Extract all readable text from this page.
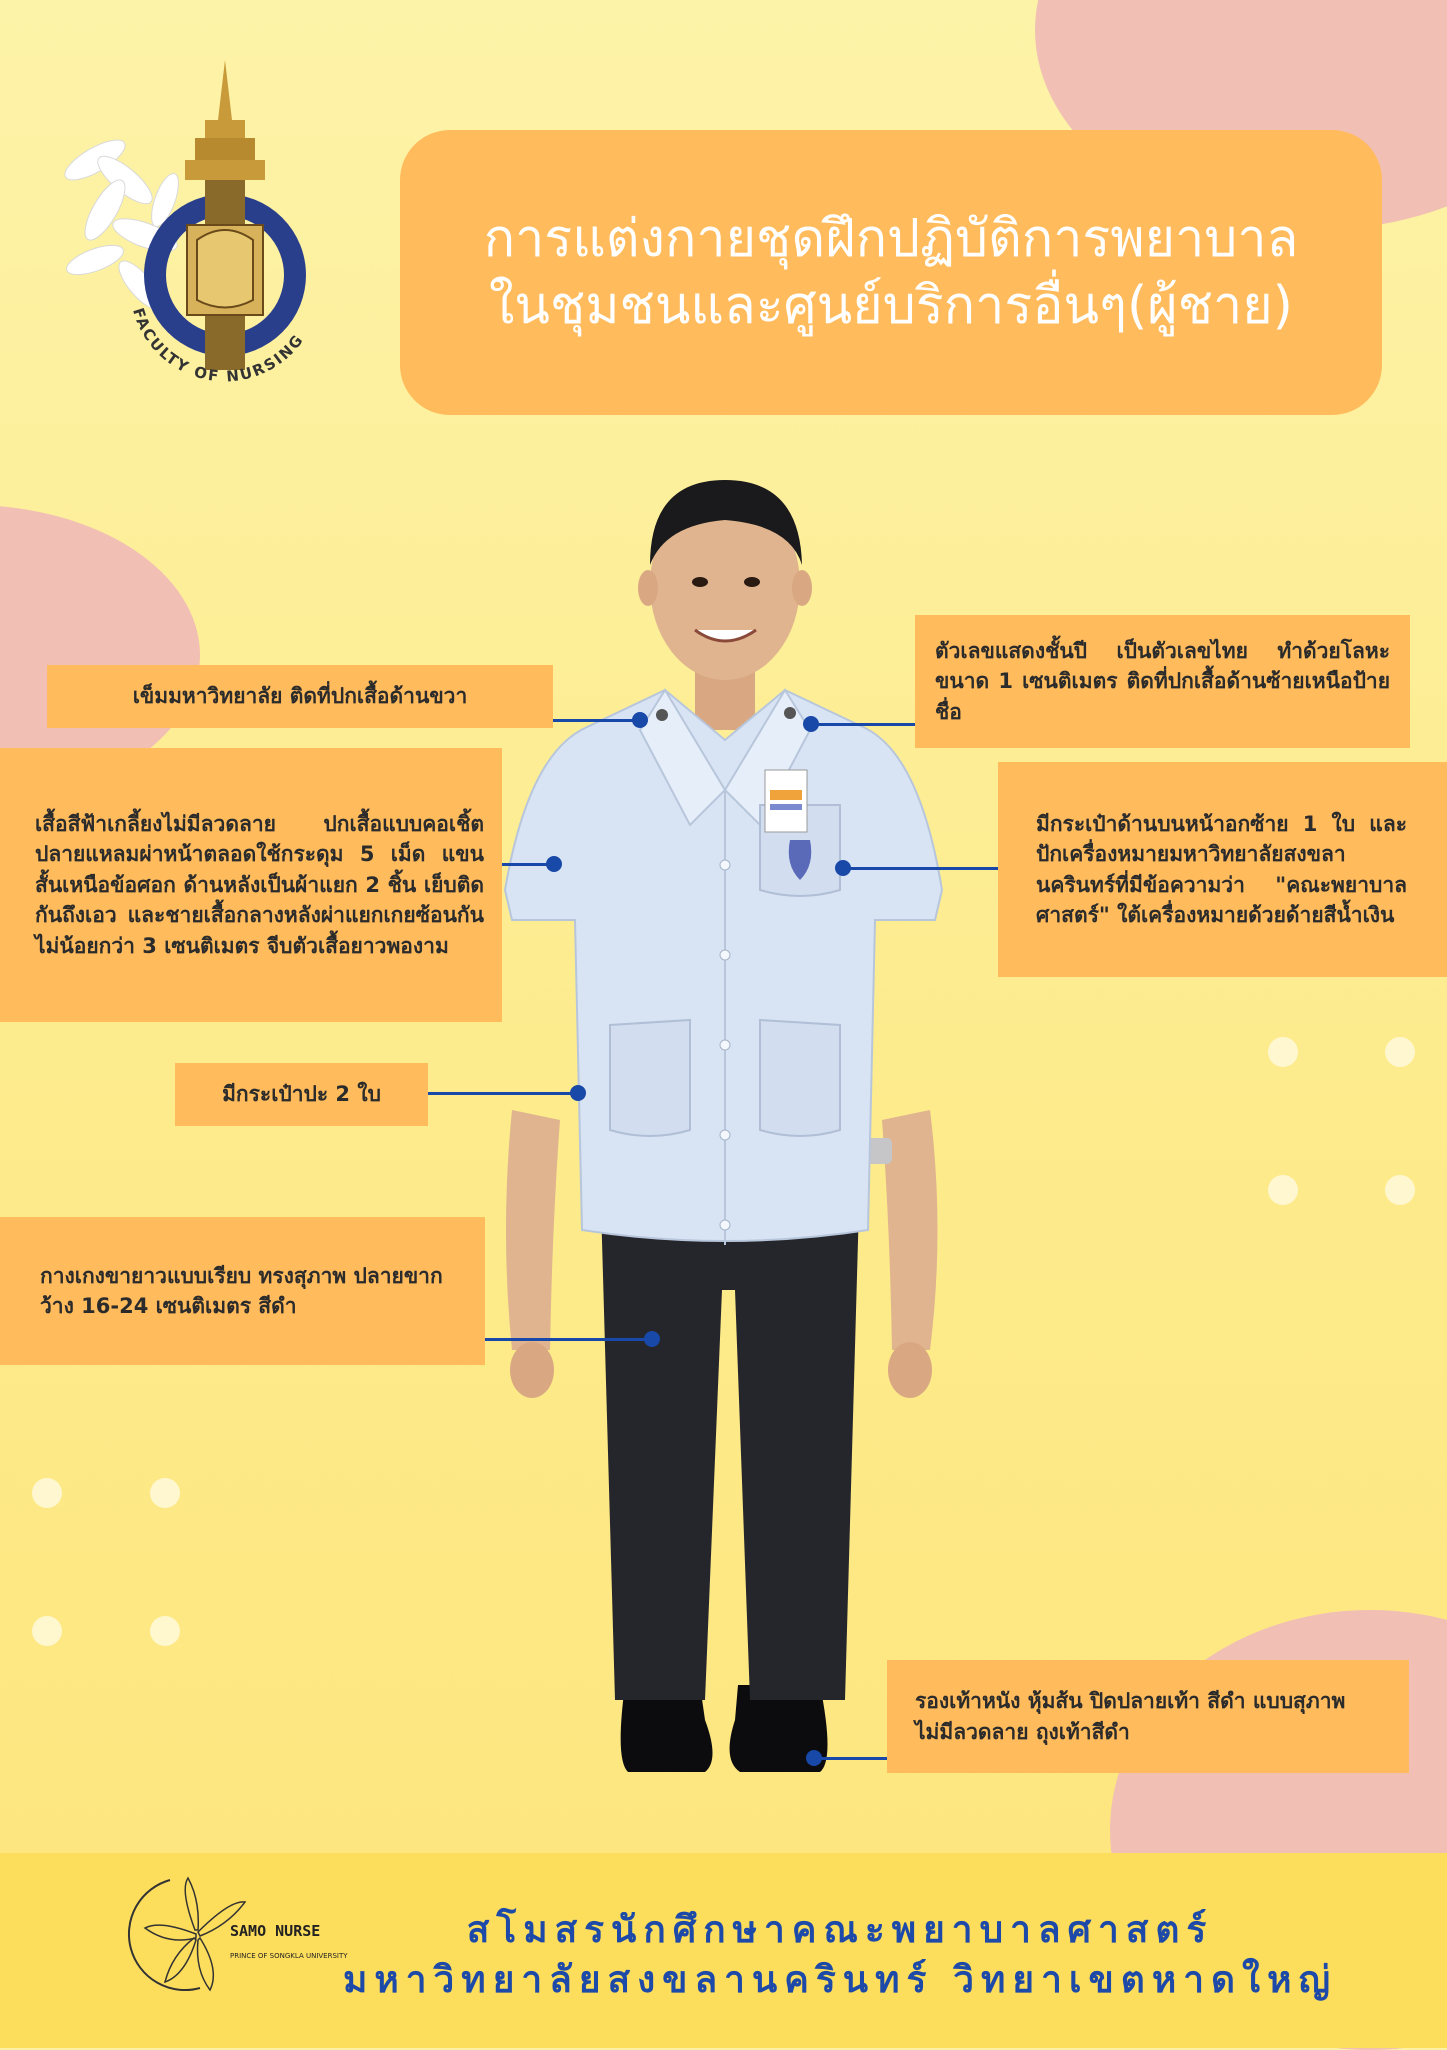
FACULTY OF NURSING
การแต่งกายชุดฝึกปฏิบัติการพยาบาล
ในชุมชนและศูนย์บริการอื่นๆ(ผู้ชาย)
เข็มมหาวิทยาลัย ติดที่ปกเสื้อด้านขวา
ตัวเลขแสดงชั้นปี เป็นตัวเลขไทย ทำด้วยโลหะขนาด 1 เซนติเมตร ติดที่ปกเสื้อด้านซ้ายเหนือป้ายชื่อ
เสื้อสีฟ้าเกลี้ยงไม่มีลวดลาย ปกเสื้อแบบคอเชิ้ตปลายแหลมผ่าหน้าตลอดใช้กระดุม 5 เม็ด แขนสั้นเหนือข้อศอก ด้านหลังเป็นผ้าแยก 2 ชิ้น เย็บติดกันถึงเอว และชายเสื้อกลางหลังผ่าแยกเกยซ้อนกันไม่น้อยกว่า 3 เซนติเมตร จีบตัวเสื้อยาวพองาม
มีกระเป๋าด้านบนหน้าอกซ้าย 1 ใบ และปักเครื่องหมายมหาวิทยาลัยสงขลานครินทร์ที่มีข้อความว่า "คณะพยาบาลศาสตร์" ใต้เครื่องหมายด้วยด้ายสีน้ำเงิน
มีกระเป๋าปะ 2 ใบ
กางเกงขายาวแบบเรียบ ทรงสุภาพ ปลายขากว้าง 16-24 เซนติเมตร สีดำ
รองเท้าหนัง หุ้มส้น ปิดปลายเท้า สีดำ แบบสุภาพ ไม่มีลวดลาย ถุงเท้าสีดำ
SAMO NURSE
PRINCE OF SONGKLA UNIVERSITY
สโมสรนักศึกษาคณะพยาบาลศาสตร์
มหาวิทยาลัยสงขลานครินทร์ วิทยาเขตหาดใหญ่
